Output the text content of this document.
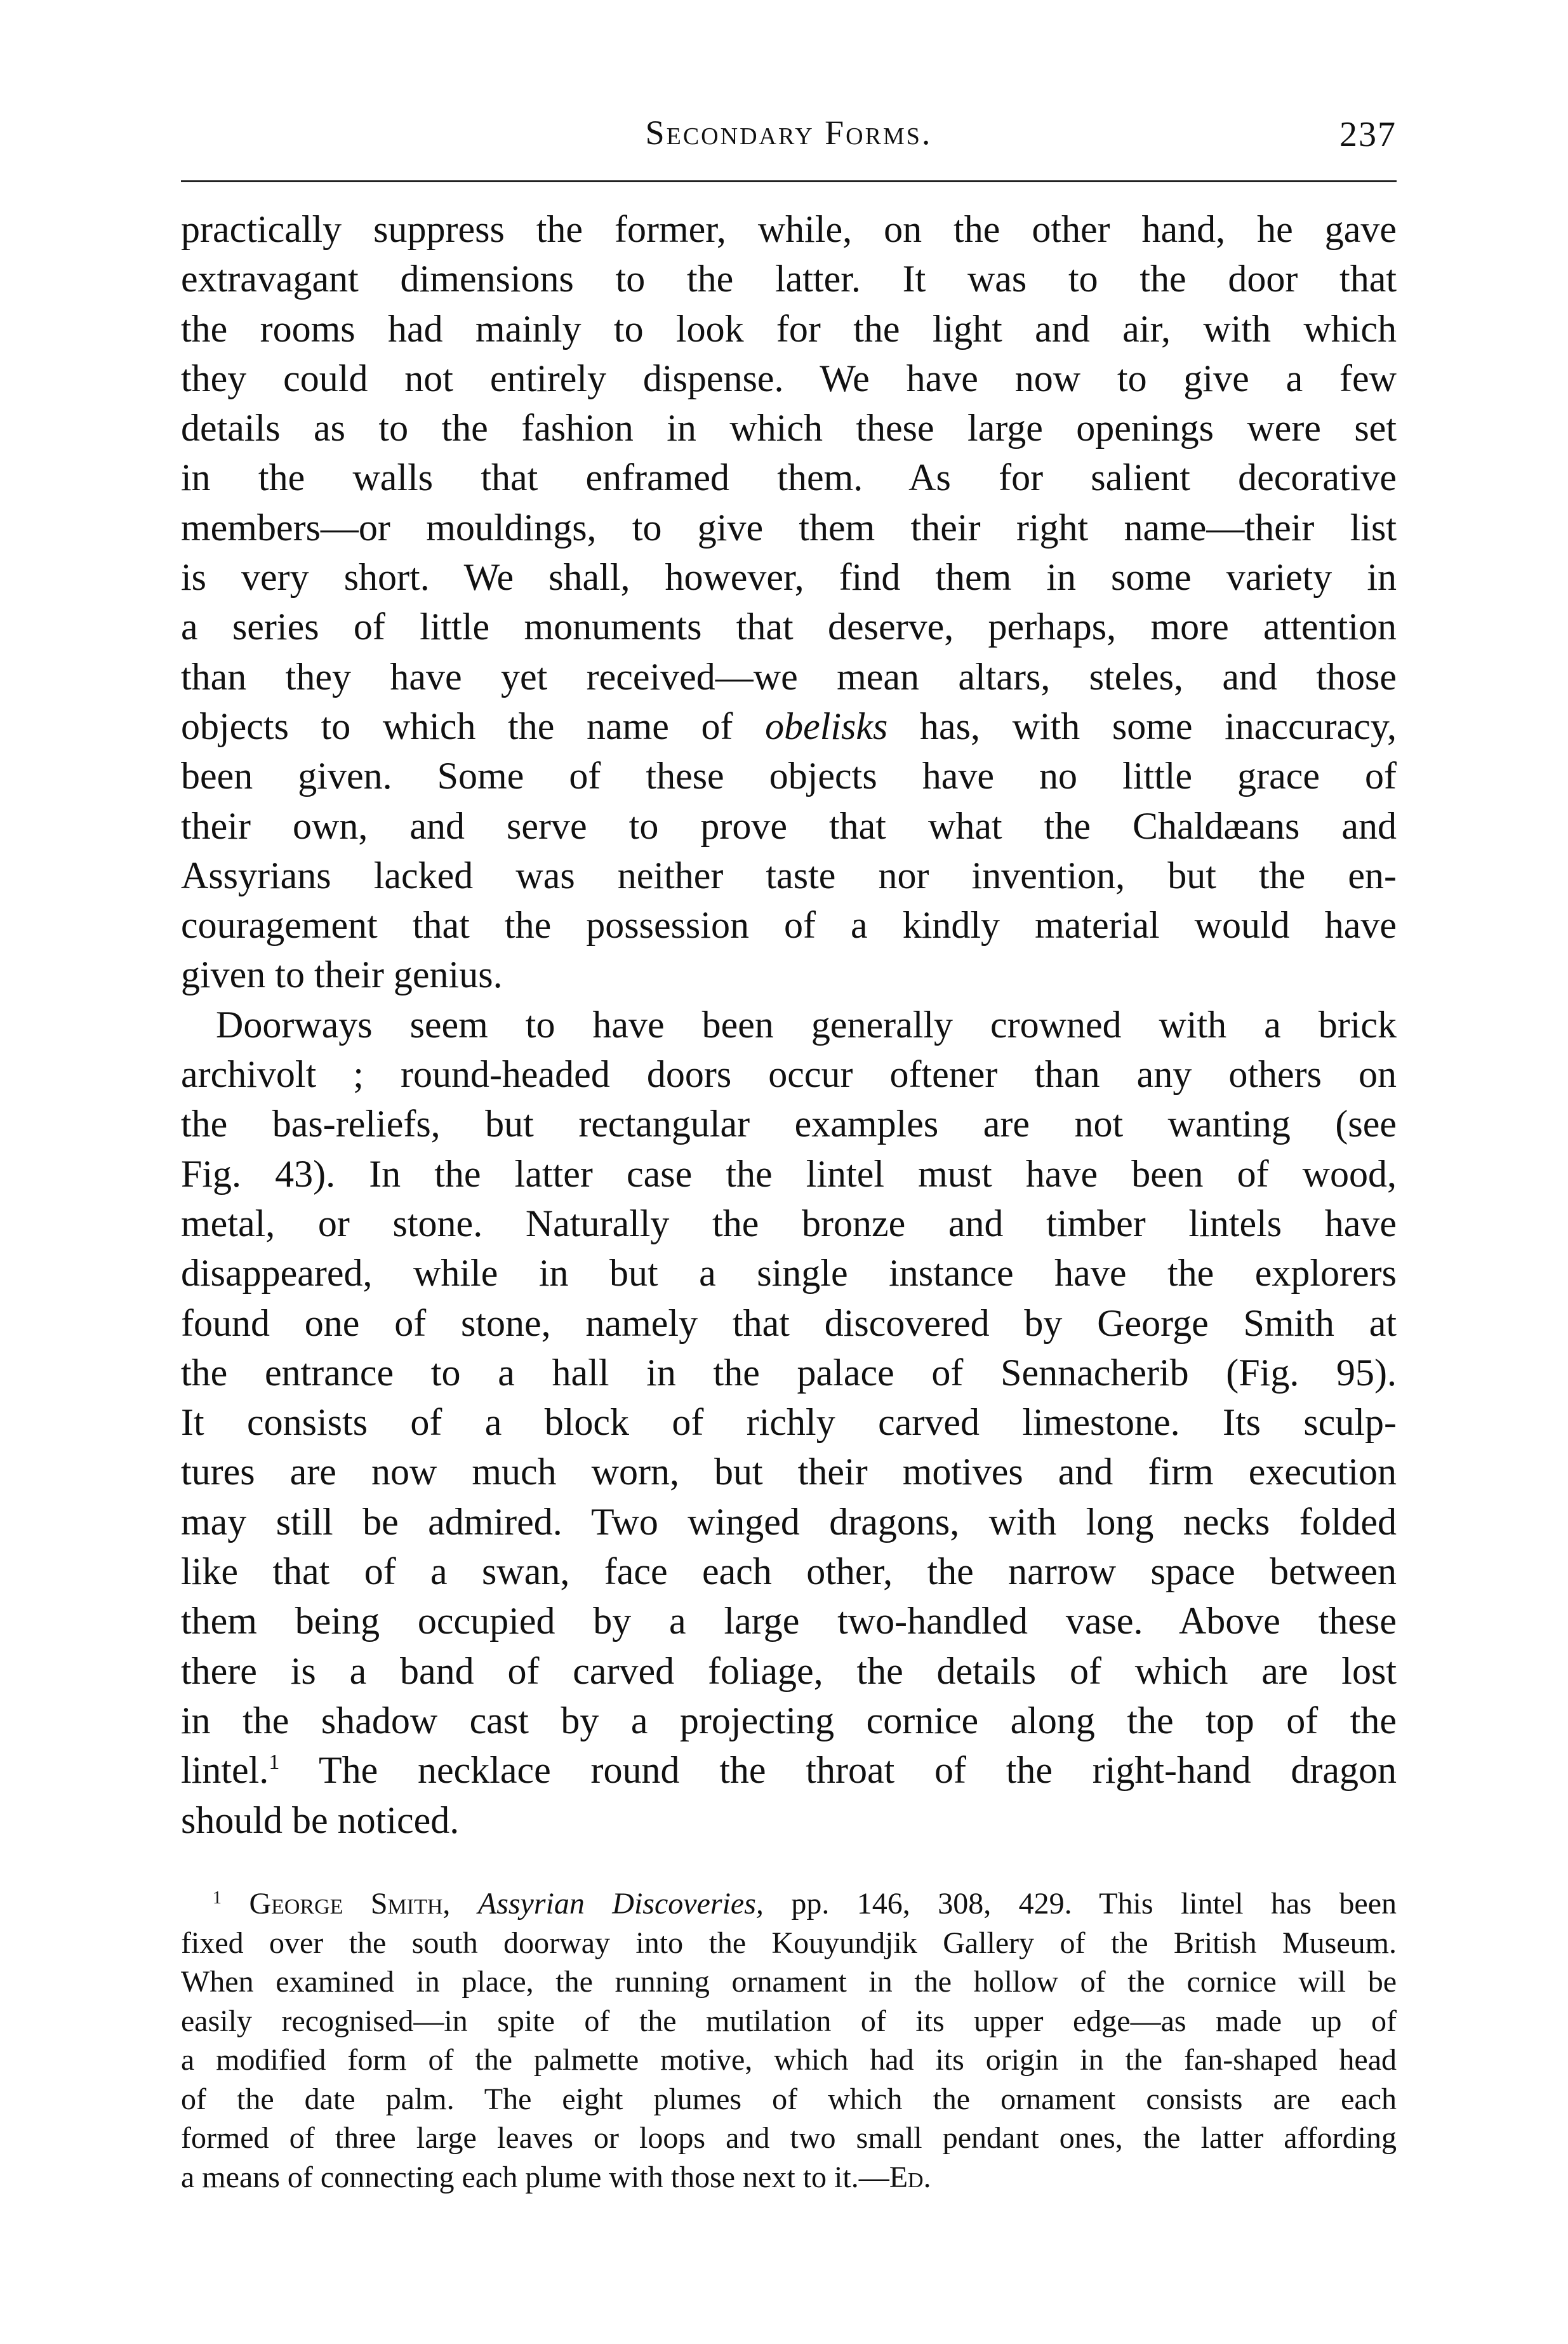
Secondary Forms.	237
practically suppress the former, while, on the other hand, he gave
extravagant dimensions to the latter. It was to the door that
the rooms had mainly to look for the light and air, with which
they could not entirely dispense. We have now to give a few
details as to the fashion in which these large openings were set
in the walls that enframed them. As for salient decorative
members—or mouldings, to give them their right name—their list
is very short. We shall, however, find them in some variety in
a series of little monuments that deserve, perhaps, more attention
than they have yet received—we mean altars, steles, and those
objects to which the name of obelisks has, with some inaccuracy,
been given. Some of these objects have no little grace of
their own, and serve to prove that what the Chaldæans and
Assyrians lacked was neither taste nor invention, but the en-
couragement that the possession of a kindly material would have
given to their genius.
Doorways seem to have been generally crowned with a brick
archivolt ; round-headed doors occur oftener than any others on
the bas-reliefs, but rectangular examples are not wanting (see
Fig. 43). In the latter case the lintel must have been of wood,
metal, or stone. Naturally the bronze and timber lintels have
disappeared, while in but a single instance have the explorers
found one of stone, namely that discovered by George Smith at
the entrance to a hall in the palace of Sennacherib (Fig. 95).
It consists of a block of richly carved limestone. Its sculp-
tures are now much worn, but their motives and firm execution
may still be admired. Two winged dragons, with long necks folded
like that of a swan, face each other, the narrow space between
them being occupied by a large two-handled vase. Above these
there is a band of carved foliage, the details of which are lost
in the shadow cast by a projecting cornice along the top of the
lintel.$^1$ The necklace round the throat of the right-hand dragon
should be noticed.
$^1$ George Smith, Assyrian Discoveries, pp. 146, 308, 429. This lintel has been
fixed over the south doorway into the Kouyundjik Gallery of the British Museum.
When examined in place, the running ornament in the hollow of the cornice will be
easily recognised—in spite of the mutilation of its upper edge—as made up of
a modified form of the palmette motive, which had its origin in the fan-shaped head
of the date palm. The eight plumes of which the ornament consists are each
formed of three large leaves or loops and two small pendant ones, the latter affording
a means of connecting each plume with those next to it.—Ed.
